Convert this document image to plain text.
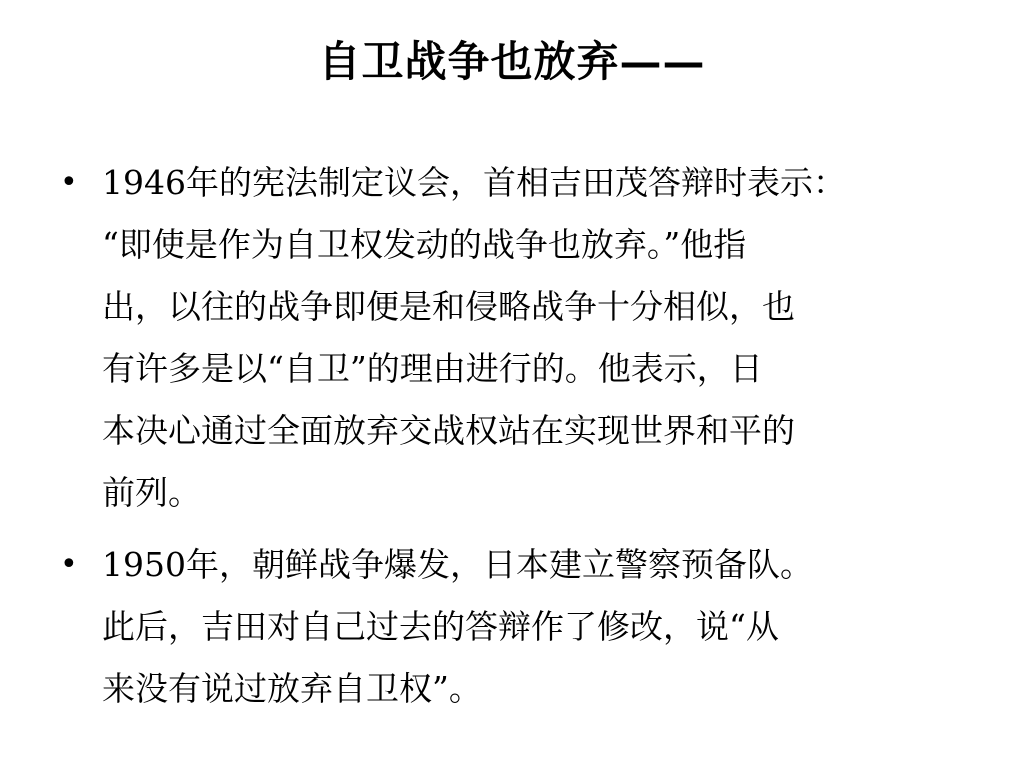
自卫战争也放弃——
• 1946年的宪法制定议会，首相吉田茂答辩时表示：
“即使是作为自卫权发动的战争也放弃。”他指
出，以往的战争即便是和侵略战争十分相似，也
有许多是以“自卫”的理由进行的。他表示，日
本决心通过全面放弃交战权站在实现世界和平的
前列。
• 1950年，朝鲜战争爆发，日本建立警察预备队。
此后，吉田对自己过去的答辩作了修改，说“从
来没有说过放弃自卫权”。
